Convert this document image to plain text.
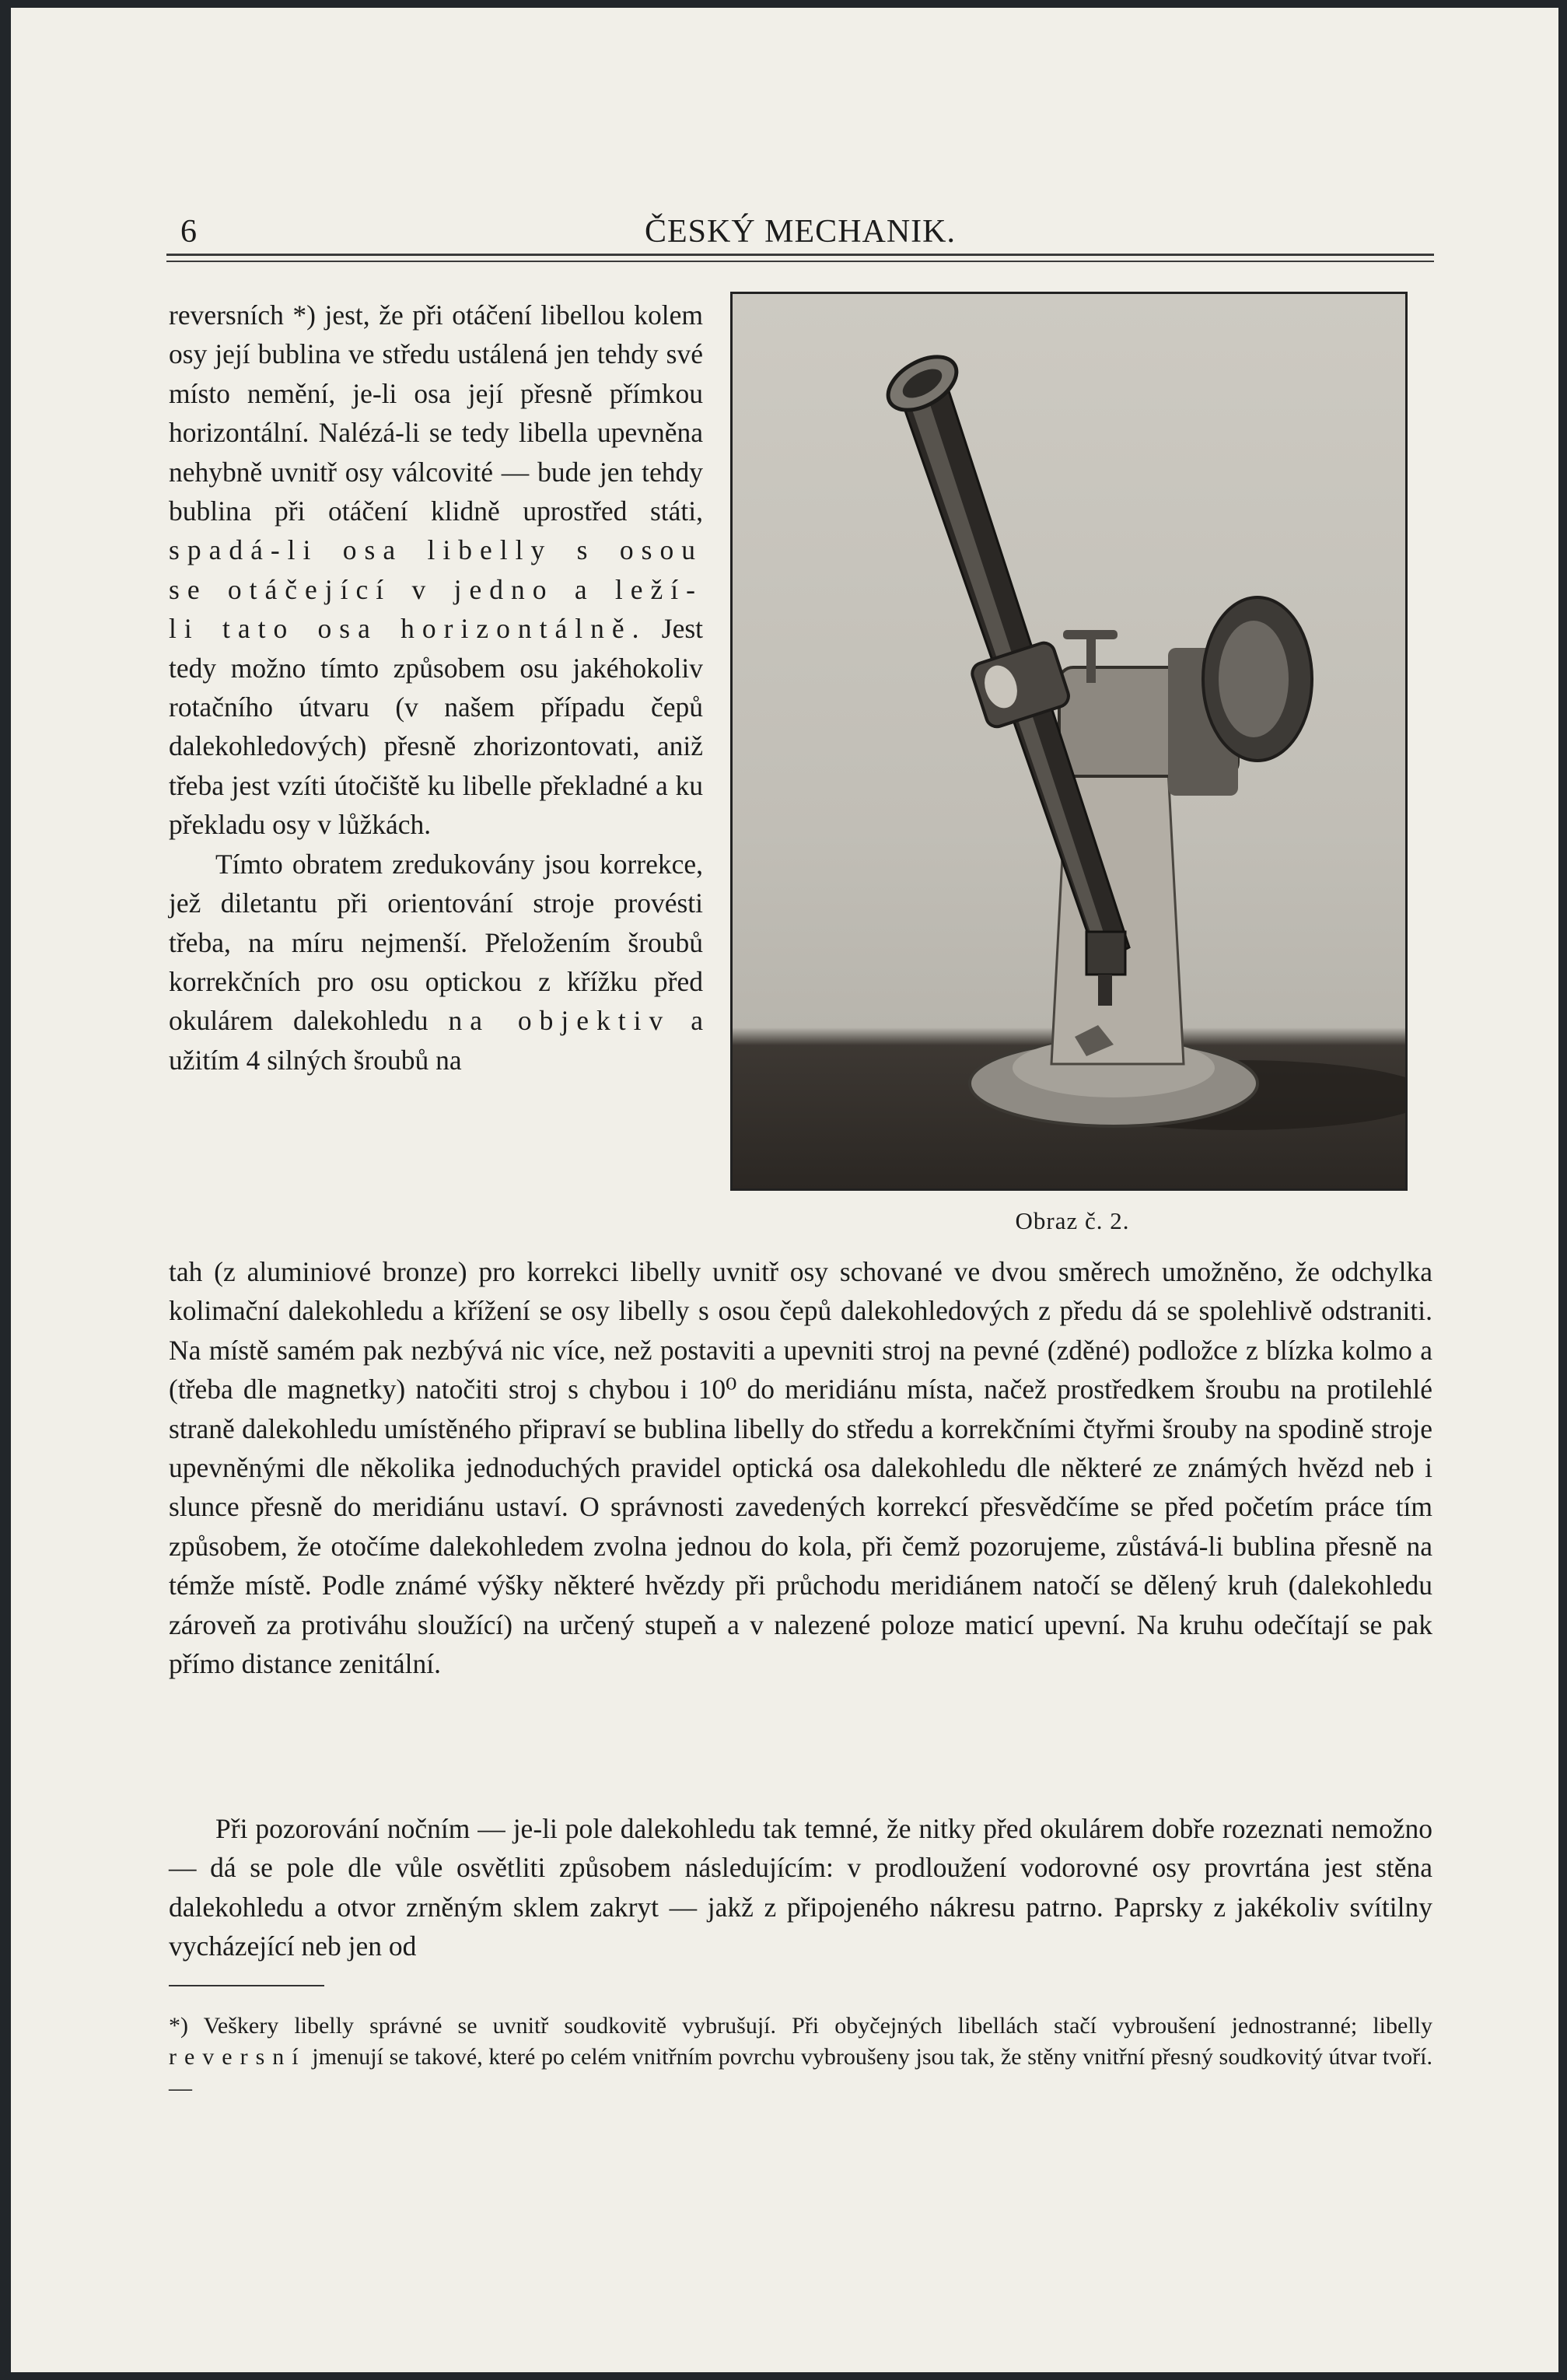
6	ČESKÝ MECHANIK.

reversních *) jest, že při otáčení libellou kolem osy její bublina ve středu ustálená jen tehdy své místo nemění, je-li osa její přesně přímkou horizontální. Nalézá-li se tedy libella upevněna nehybně uvnitř osy válcovité — bude jen tehdy bublina při otáčení klidně uprostřed státi, spadá-li osa libelly s osou se otáčející v jedno a leží-li tato osa horizontálně. Jest tedy možno tímto způsobem osu jakéhokoliv rotačního útvaru (v našem případu čepů dalekohledových) přesně zhorizontovati, aniž třeba jest vzíti útočiště ku libelle překladné a ku překladu osy v lůžkách.

Tímto obratem zredukovány jsou korrekce, jež diletantu při orientování stroje provésti třeba, na míru nejmenší. Přeložením šroubů korrekčních pro osu optickou z křížku před okulárem dalekohledu na objektiv a užitím 4 silných šroubů na

Obraz č. 2.

tah (z aluminiové bronze) pro korrekci libelly uvnitř osy schované ve dvou směrech umožněno, že odchylka kolimační dalekohledu a křížení se osy libelly s osou čepů dalekohledových z předu dá se spolehlivě odstraniti. Na místě samém pak nezbývá nic více, než postaviti a upevniti stroj na pevné (zděné) podložce z blízka kolmo a (třeba dle magnetky) natočiti stroj s chybou i 10⁰ do meridiánu místa, načež prostředkem šroubu na protilehlé straně dalekohledu umístěného připraví se bublina libelly do středu a korrekčními čtyřmi šrouby na spodině stroje upevněnými dle několika jednoduchých pravidel optická osa dalekohledu dle některé ze známých hvězd neb i slunce přesně do meridiánu ustaví. O správnosti zavedených korrekcí přesvědčíme se před početím práce tím způsobem, že otočíme dalekohledem zvolna jednou do kola, při čemž pozorujeme, zůstává-li bublina přesně na témže místě. Podle známé výšky některé hvězdy při průchodu meridiánem natočí se dělený kruh (dalekohledu zároveň za protiváhu sloužící) na určený stupeň a v nalezené poloze maticí upevní. Na kruhu odečítají se pak přímo distance zenitální.

Při pozorování nočním — je-li pole dalekohledu tak temné, že nitky před okulárem dobře rozeznati nemožno — dá se pole dle vůle osvětliti způsobem následujícím: v prodloužení vodorovné osy provrtána jest stěna dalekohledu a otvor zrněným sklem zakryt — jakž z připojeného nákresu patrno. Paprsky z jakékoliv svítilny vycházející neb jen od

*) Veškery libelly správné se uvnitř soudkovitě vybrušují. Při obyčejných libellách stačí vybroušení jednostranné; libelly reversní jmenují se takové, které po celém vnitřním povrchu vybroušeny jsou tak, že stěny vnitřní přesný soudkovitý útvar tvoří. —
